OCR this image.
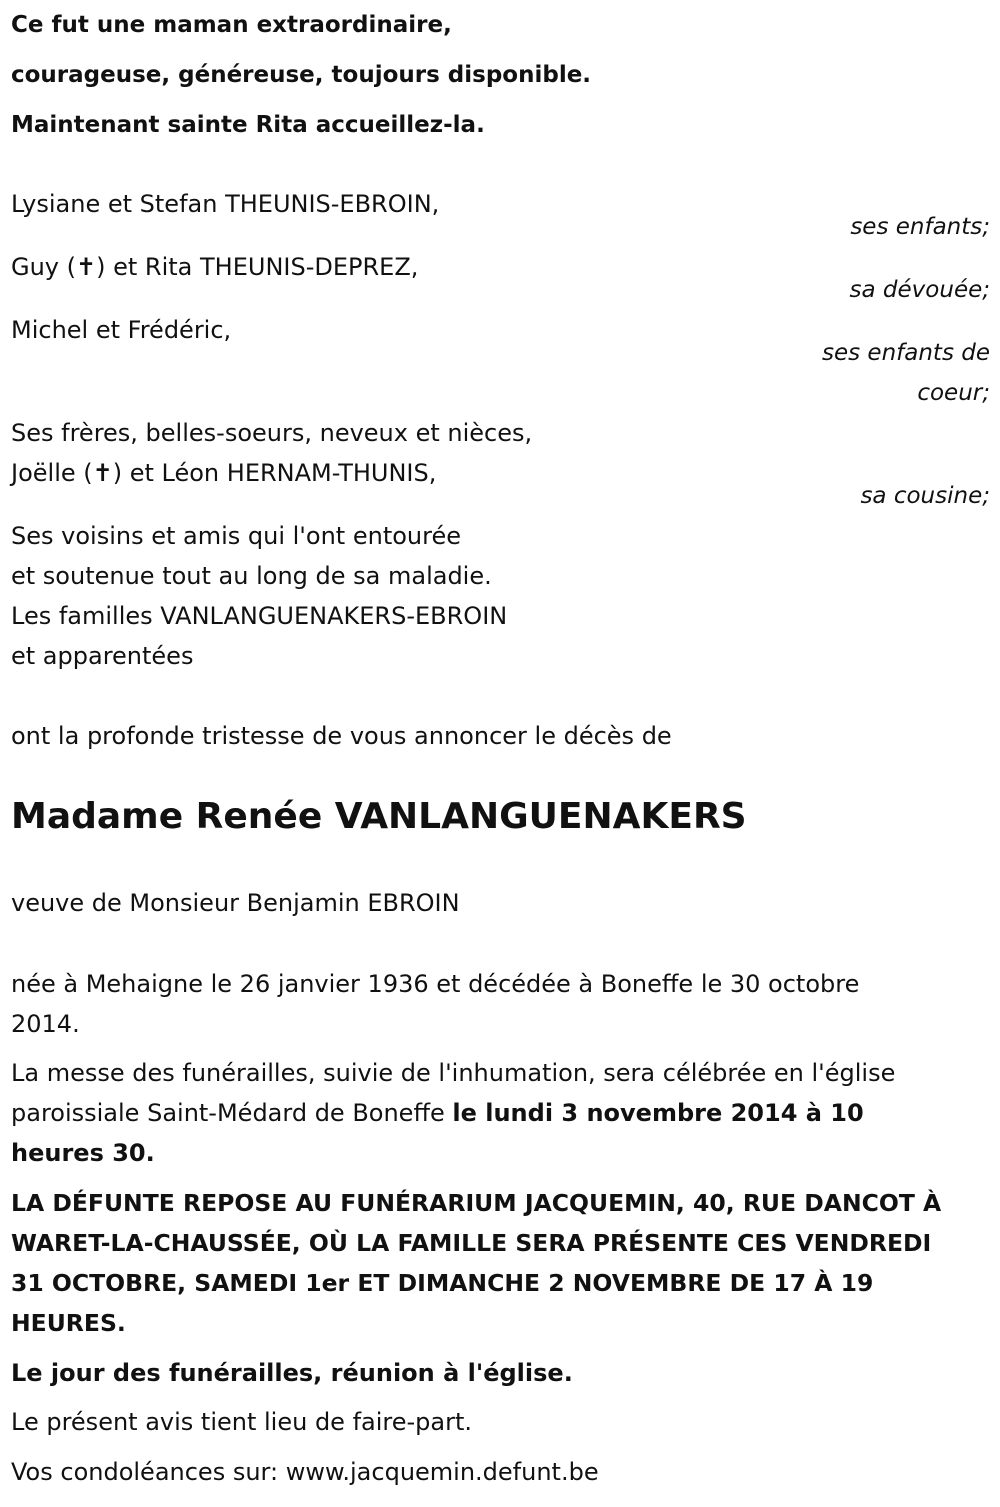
Ce fut une maman extraordinaire,

courageuse, généreuse, toujours disponible.

Maintenant sainte Rita accueillez-la.

Lysiane et Stefan THEUNIS-EBROIN,

ses enfants;

Guy (✝) et Rita THEUNIS-DEPREZ,

sa dévouée;

Michel et Frédéric,

ses enfants de

coeur;

Ses frères, belles-soeurs, neveux et nièces,

Joëlle (✝) et Léon HERNAM-THUNIS,

sa cousine;

Ses voisins et amis qui l'ont entourée

et soutenue tout au long de sa maladie.

Les familles VANLANGUENAKERS-EBROIN

et apparentées

ont la profonde tristesse de vous annoncer le décès de

Madame Renée VANLANGUENAKERS

veuve de Monsieur Benjamin EBROIN

née à Mehaigne le 26 janvier 1936 et décédée à Boneffe le 30 octobre

2014.

La messe des funérailles, suivie de l'inhumation, sera célébrée en l'église

paroissiale Saint-Médard de Boneffe le lundi 3 novembre 2014 à 10

heures 30.

LA DÉFUNTE REPOSE AU FUNÉRARIUM JACQUEMIN, 40, RUE DANCOT À

WARET-LA-CHAUSSÉE, OÙ LA FAMILLE SERA PRÉSENTE CES VENDREDI

31 OCTOBRE, SAMEDI 1er ET DIMANCHE 2 NOVEMBRE DE 17 À 19

HEURES.

Le jour des funérailles, réunion à l'église.

Le présent avis tient lieu de faire-part.

Vos condoléances sur: www.jacquemin.defunt.be
